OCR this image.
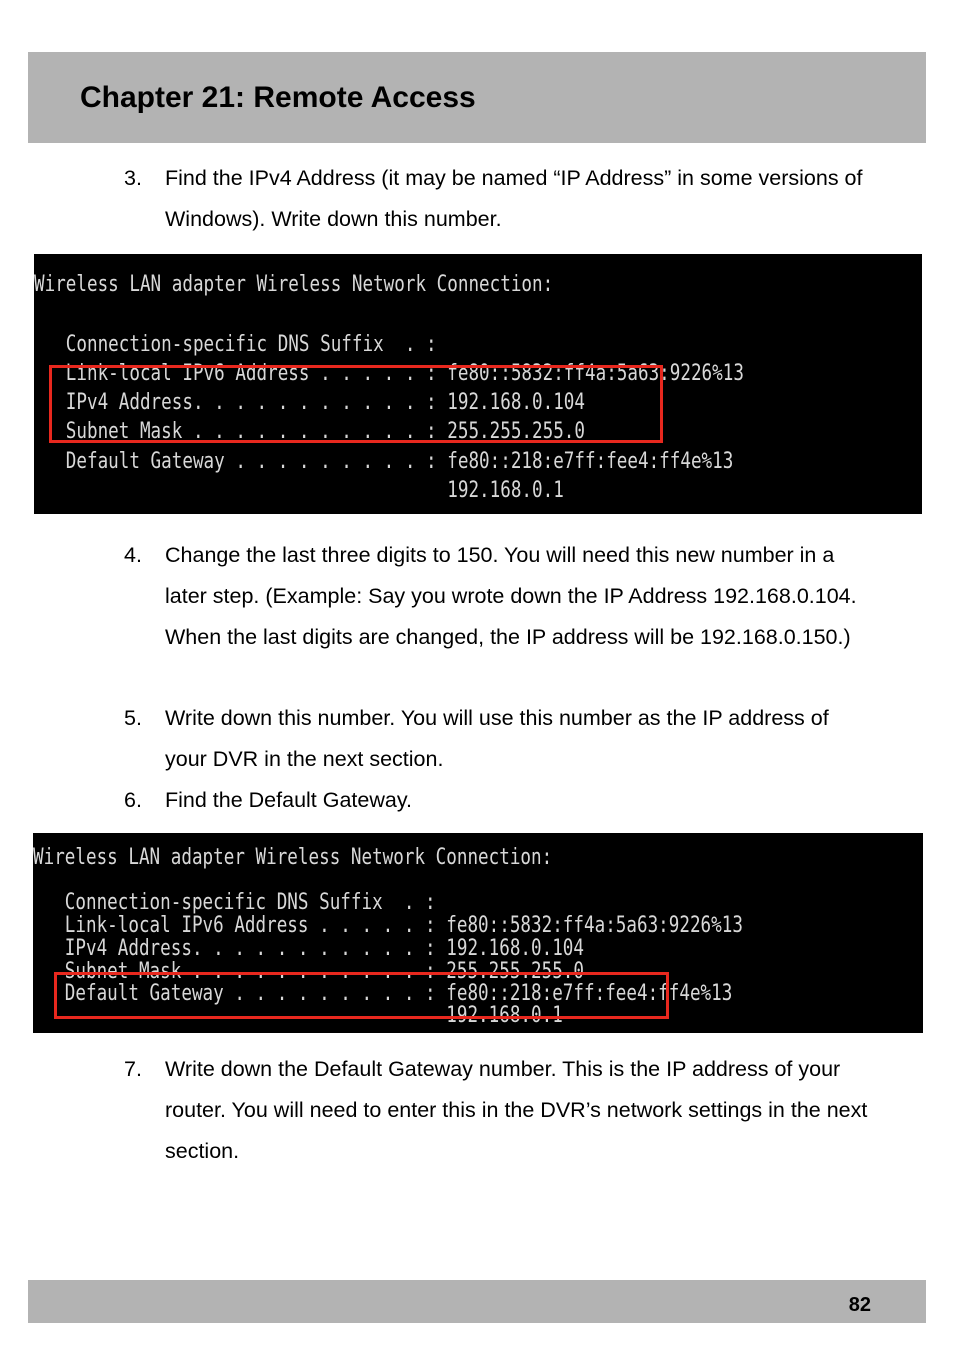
Chapter 21: Remote Access
3. Find the IPv4 Address (it may be named “IP Address” in some versions of Windows). Write down this number.
Wireless LAN adapter Wireless Network Connection:
Connection-specific DNS Suffix  . :
Link-local IPv6 Address . . . . . : fe80::5832:ff4a:5a63:9226%13
IPv4 Address. . . . . . . . . . . : 192.168.0.104
Subnet Mask . . . . . . . . . . . : 255.255.255.0
Default Gateway . . . . . . . . . : fe80::218:e7ff:fee4:ff4e%13
192.168.0.1
4. Change the last three digits to 150. You will need this new number in a later step. (Example: Say you wrote down the IP Address 192.168.0.104. When the last digits are changed, the IP address will be 192.168.0.150.)
5. Write down this number. You will use this number as the IP address of your DVR in the next section.
6. Find the Default Gateway.
Wireless LAN adapter Wireless Network Connection:
Connection-specific DNS Suffix  . :
Link-local IPv6 Address . . . . . : fe80::5832:ff4a:5a63:9226%13
IPv4 Address. . . . . . . . . . . : 192.168.0.104
Subnet Mask . . . . . . . . . . . : 255.255.255.0
Default Gateway . . . . . . . . . : fe80::218:e7ff:fee4:ff4e%13
192.168.0.1
7. Write down the Default Gateway number. This is the IP address of your router. You will need to enter this in the DVR’s network settings in the next section.
82
